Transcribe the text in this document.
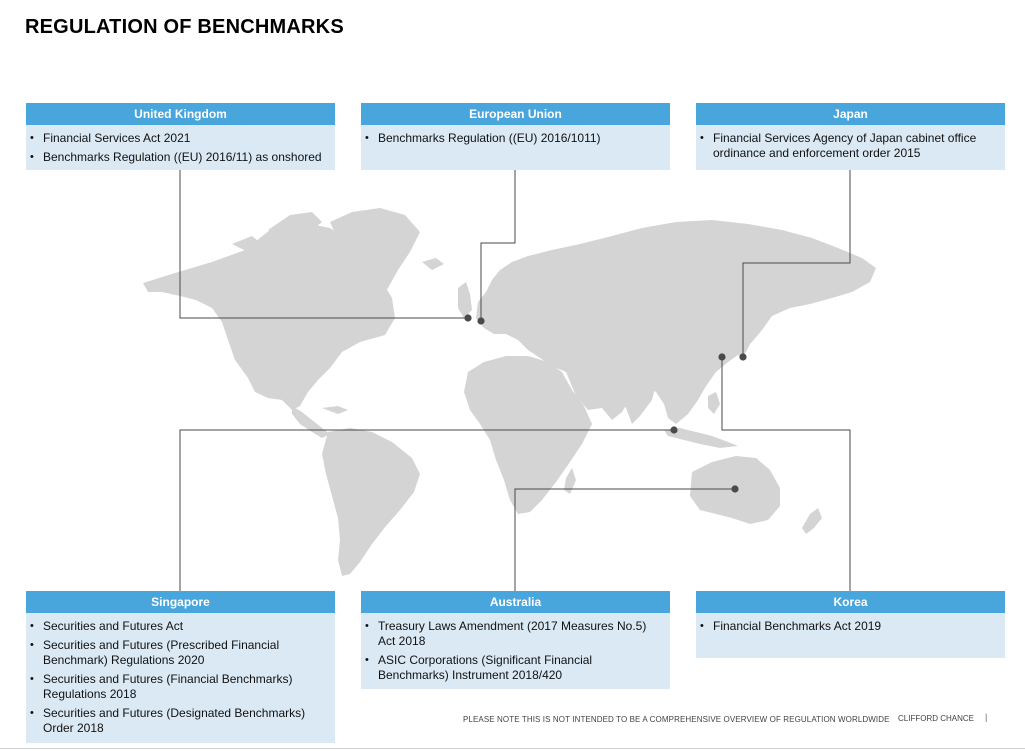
REGULATION OF BENCHMARKS
United Kingdom
• Financial Services Act 2021
• Benchmarks Regulation ((EU) 2016/11) as onshored
European Union
• Benchmarks Regulation ((EU) 2016/1011)
Japan
• Financial Services Agency of Japan cabinet office ordinance and enforcement order 2015
Singapore
• Securities and Futures Act
• Securities and Futures (Prescribed Financial Benchmark) Regulations 2020
• Securities and Futures (Financial Benchmarks) Regulations 2018
• Securities and Futures (Designated Benchmarks) Order 2018
Australia
• Treasury Laws Amendment (2017 Measures No.5) Act 2018
• ASIC Corporations (Significant Financial Benchmarks) Instrument 2018/420
Korea
• Financial Benchmarks Act 2019
PLEASE NOTE THIS IS NOT INTENDED TO BE A COMPREHENSIVE OVERVIEW OF REGULATION WORLDWIDE CLIFFORD CHANCE |
